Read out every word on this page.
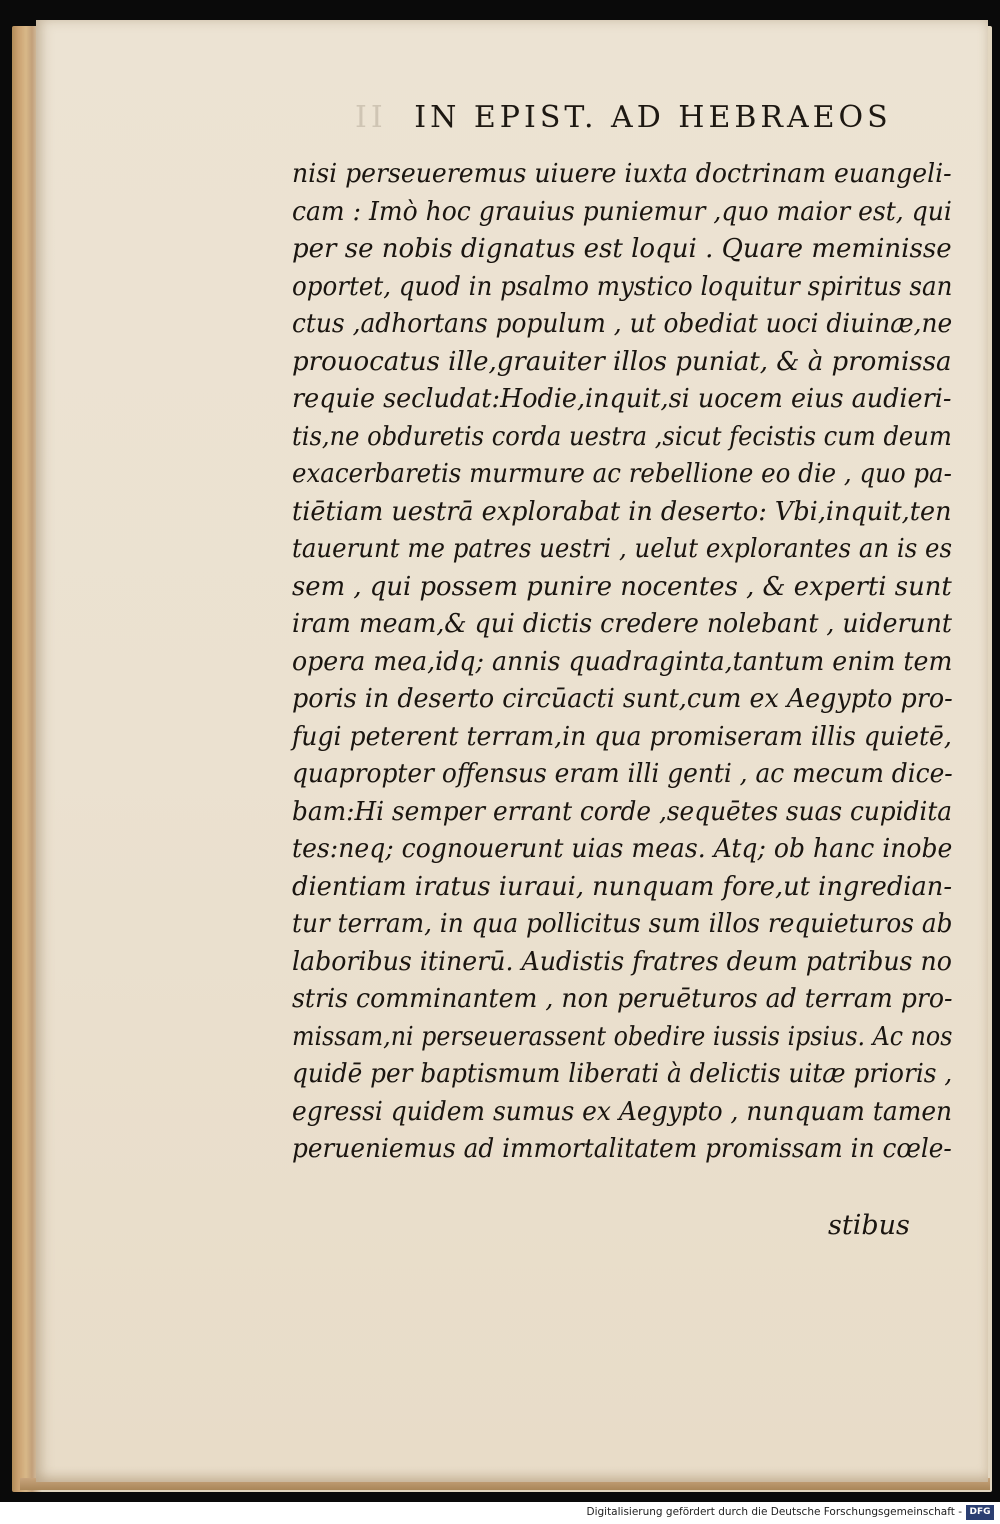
II IN EPIST. AD HEBRAEOS
nisi perseueremus uiuere iuxta doctrinam euangeli-
cam : Imò hoc grauius puniemur ,quo maior est, qui
per se nobis dignatus est loqui . Quare meminisse
oportet, quod in psalmo mystico loquitur spiritus san
ctus ,adhortans populum , ut obediat uoci diuinæ,ne
prouocatus ille,grauiter illos puniat, & à promissa
requie secludat:Hodie,inquit,si uocem eius audieri-
tis,ne obduretis corda uestra ,sicut fecistis cum deum
exacerbaretis murmure ac rebellione eo die , quo pa-
tiētiam uestrā explorabat in deserto: Vbi,inquit,ten
tauerunt me patres uestri , uelut explorantes an is es
sem , qui possem punire nocentes , & experti sunt
iram meam,& qui dictis credere nolebant , uiderunt
opera mea,idq; annis quadraginta,tantum enim tem
poris in deserto circūacti sunt,cum ex Aegypto pro-
fugi peterent terram,in qua promiseram illis quietē,
quapropter offensus eram illi genti , ac mecum dice-
bam:Hi semper errant corde ,sequētes suas cupidita
tes:neq; cognouerunt uias meas. Atq; ob hanc inobe
dientiam iratus iuraui, nunquam fore,ut ingredian-
tur terram, in qua pollicitus sum illos requieturos ab
laboribus itinerū. Audistis fratres deum patribus no
stris comminantem , non peruēturos ad terram pro-
missam,ni perseuerassent obedire iussis ipsius. Ac nos
quidē per baptismum liberati à delictis uitæ prioris ,
egressi quidem sumus ex Aegypto , nunquam tamen
perueniemus ad immortalitatem promissam in cœle-
stibus
Digitalisierung gefördert durch die Deutsche Forschungsgemeinschaft - DFG
